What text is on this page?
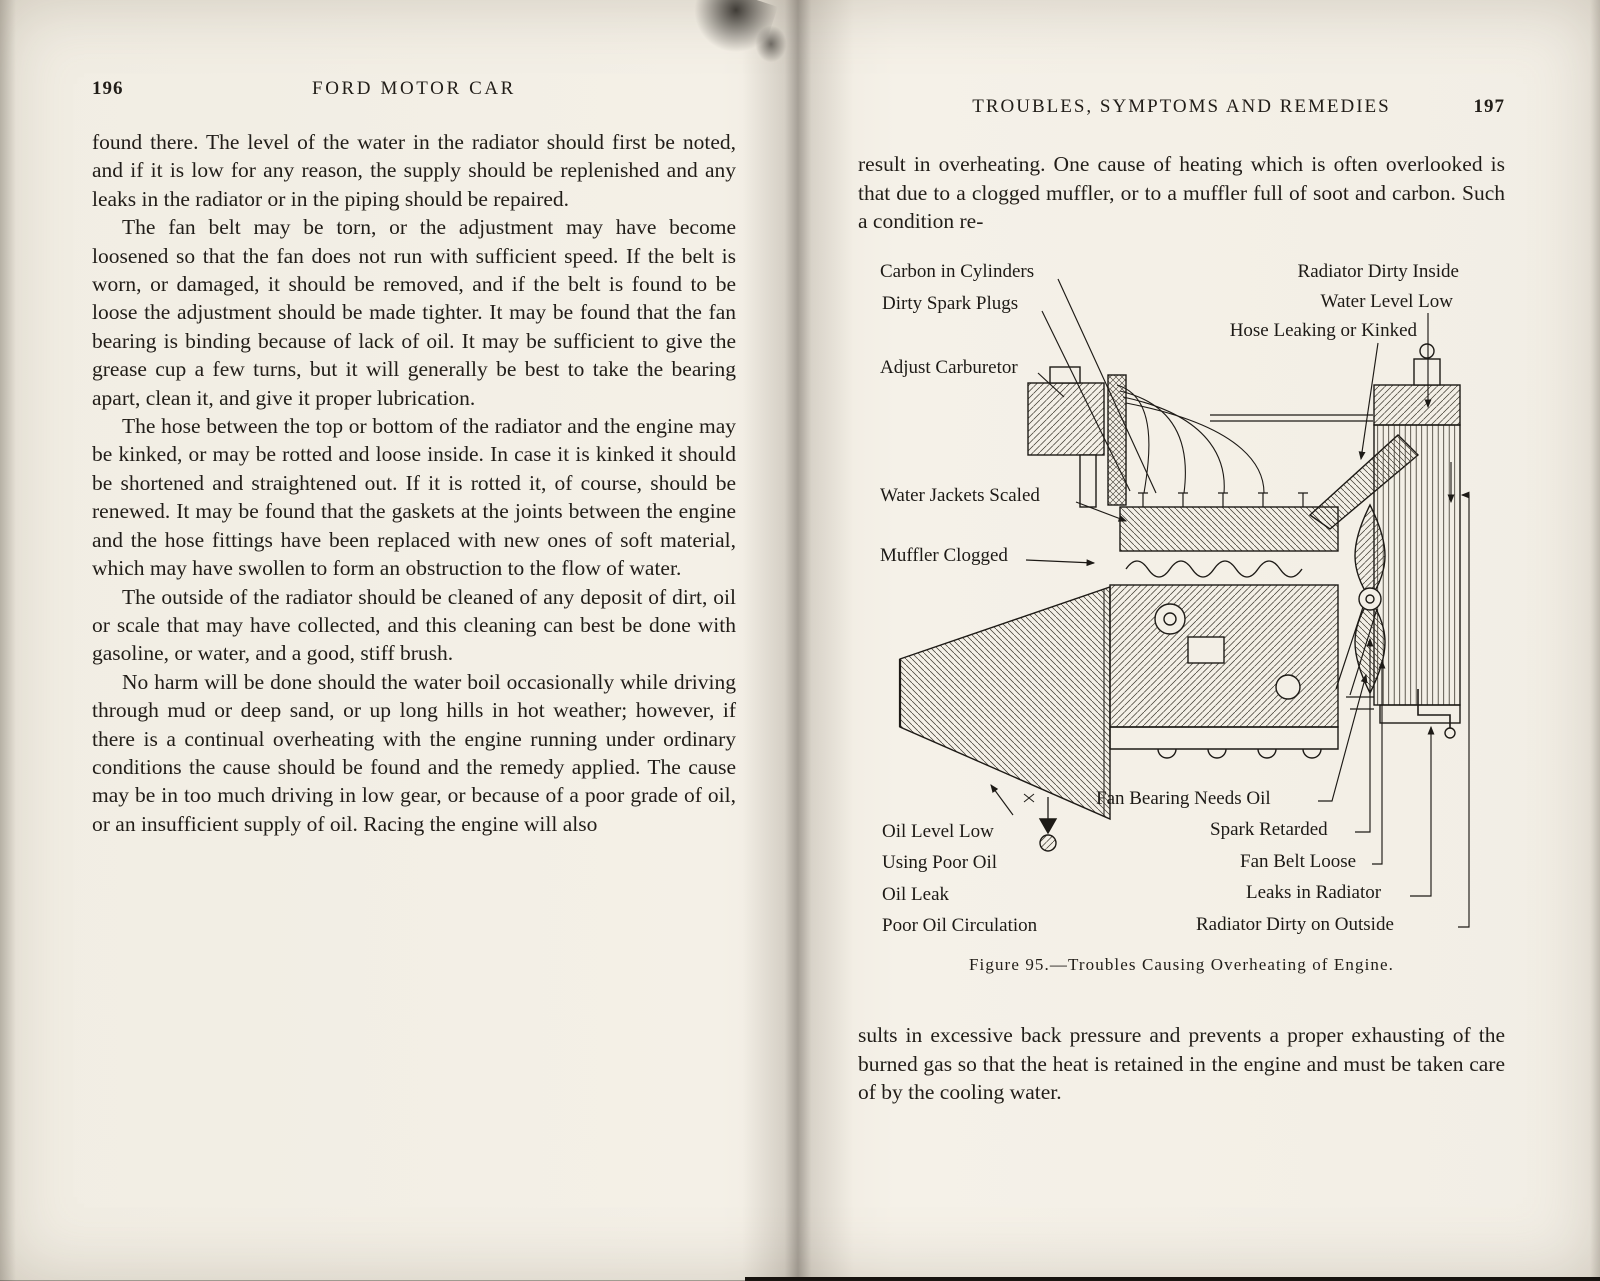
196	FORD MOTOR CAR

found there. The level of the water in the radiator should first be noted, and if it is low for any reason, the supply should be replenished and any leaks in the radiator or in the piping should be repaired.

The fan belt may be torn, or the adjustment may have become loosened so that the fan does not run with sufficient speed. If the belt is worn, or damaged, it should be removed, and if the belt is found to be loose the adjustment should be made tighter. It may be found that the fan bearing is binding because of lack of oil. It may be sufficient to give the grease cup a few turns, but it will generally be best to take the bearing apart, clean it, and give it proper lubrication.

The hose between the top or bottom of the radiator and the engine may be kinked, or may be rotted and loose inside. In case it is kinked it should be shortened and straightened out. If it is rotted it, of course, should be renewed. It may be found that the gaskets at the joints between the engine and the hose fittings have been replaced with new ones of soft material, which may have swollen to form an obstruction to the flow of water.

The outside of the radiator should be cleaned of any deposit of dirt, oil or scale that may have collected, and this cleaning can best be done with gasoline, or water, and a good, stiff brush.

No harm will be done should the water boil occasionally while driving through mud or deep sand, or up long hills in hot weather; however, if there is a continual overheating with the engine running under ordinary conditions the cause should be found and the remedy applied. The cause may be in too much driving in low gear, or because of a poor grade of oil, or an insufficient supply of oil. Racing the engine will also

TROUBLES, SYMPTOMS AND REMEDIES	197

result in overheating. One cause of heating which is often overlooked is that due to a clogged muffler, or to a muffler full of soot and carbon. Such a condition re-

Carbon in Cylinders
Dirty Spark Plugs
Adjust Carburetor
Water Jackets Scaled
Muffler Clogged
Radiator Dirty Inside
Water Level Low
Hose Leaking or Kinked
Fan Bearing Needs Oil
Oil Level Low
Using Poor Oil
Oil Leak
Poor Oil Circulation
Spark Retarded
Fan Belt Loose
Leaks in Radiator
Radiator Dirty on Outside
Figure 95.—Troubles Causing Overheating of Engine.

sults in excessive back pressure and prevents a proper exhausting of the burned gas so that the heat is retained in the engine and must be taken care of by the cooling water.
